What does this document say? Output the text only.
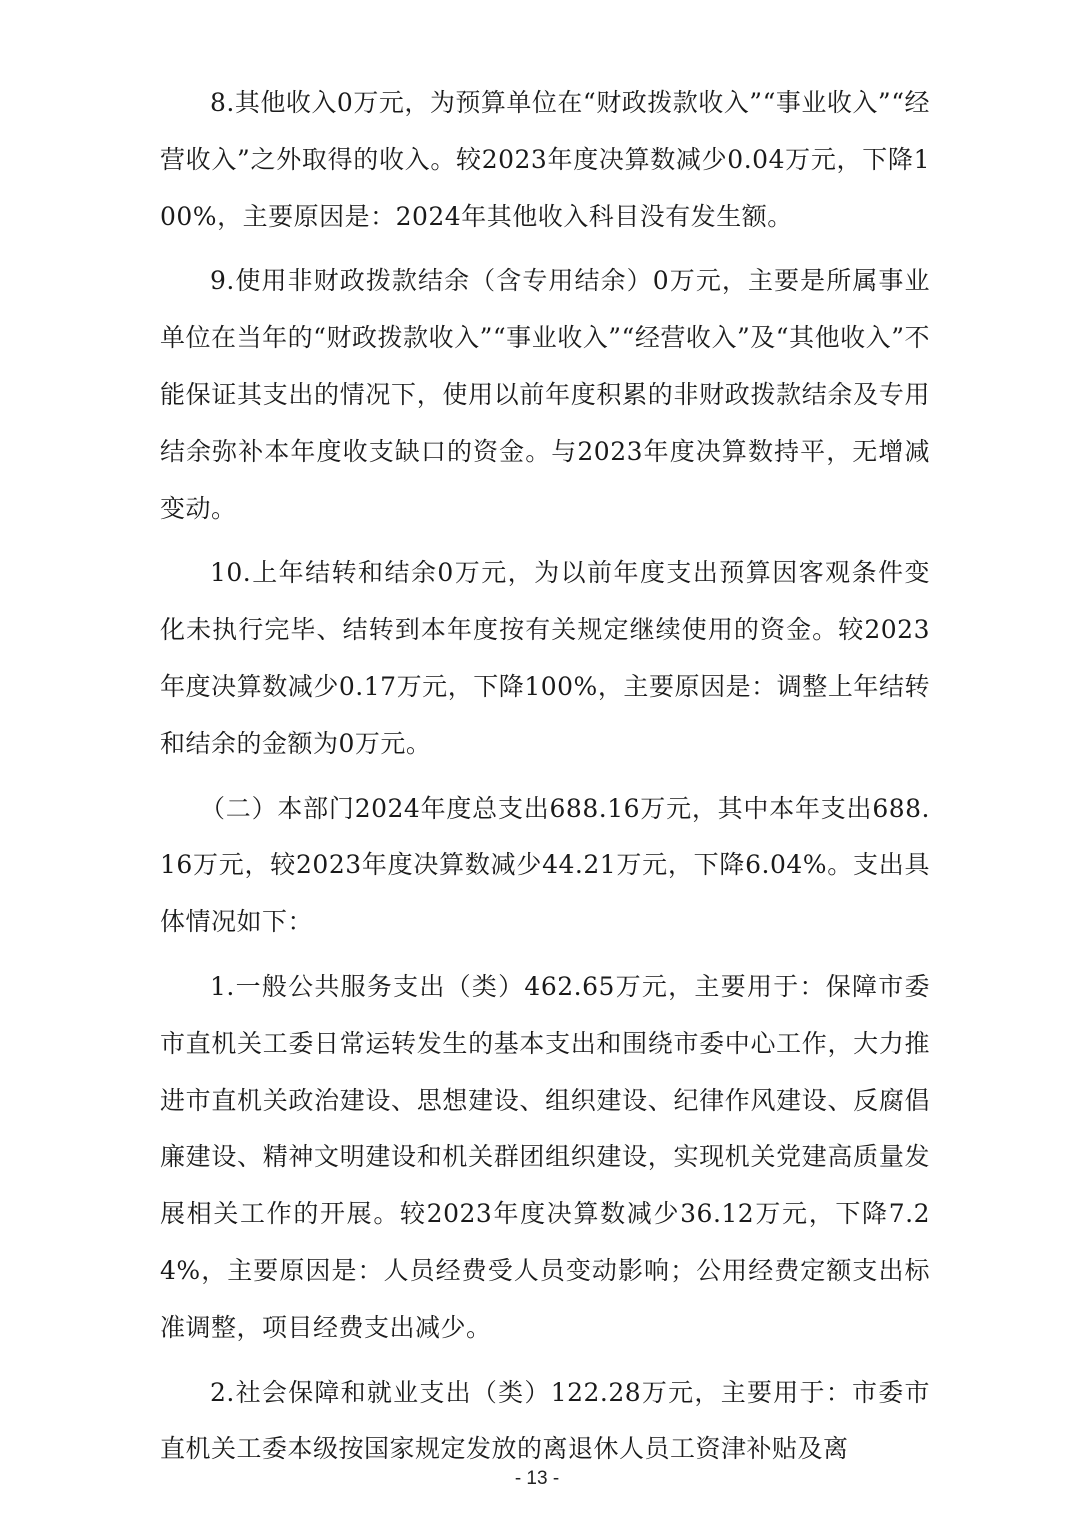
8.其他收入0万元，为预算单位在“财政拨款收入”“事业收入”“经营收入”之外取得的收入。较2023年度决算数减少0.04万元，下降100%，主要原因是：2024年其他收入科目没有发生额。

9.使用非财政拨款结余（含专用结余）0万元，主要是所属事业单位在当年的“财政拨款收入”“事业收入”“经营收入”及“其他收入”不能保证其支出的情况下，使用以前年度积累的非财政拨款结余及专用结余弥补本年度收支缺口的资金。与2023年度决算数持平，无增减变动。

10.上年结转和结余0万元，为以前年度支出预算因客观条件变化未执行完毕、结转到本年度按有关规定继续使用的资金。较2023年度决算数减少0.17万元，下降100%，主要原因是：调整上年结转和结余的金额为0万元。

（二）本部门2024年度总支出688.16万元，其中本年支出688.16万元，较2023年度决算数减少44.21万元，下降6.04%。支出具体情况如下：

1.一般公共服务支出（类）462.65万元，主要用于：保障市委市直机关工委日常运转发生的基本支出和围绕市委中心工作，大力推进市直机关政治建设、思想建设、组织建设、纪律作风建设、反腐倡廉建设、精神文明建设和机关群团组织建设，实现机关党建高质量发展相关工作的开展。较2023年度决算数减少36.12万元，下降7.24%，主要原因是：人员经费受人员变动影响；公用经费定额支出标准调整，项目经费支出减少。

2.社会保障和就业支出（类）122.28万元，主要用于：市委市直机关工委本级按国家规定发放的离退休人员工资津补贴及离

- 13 -
